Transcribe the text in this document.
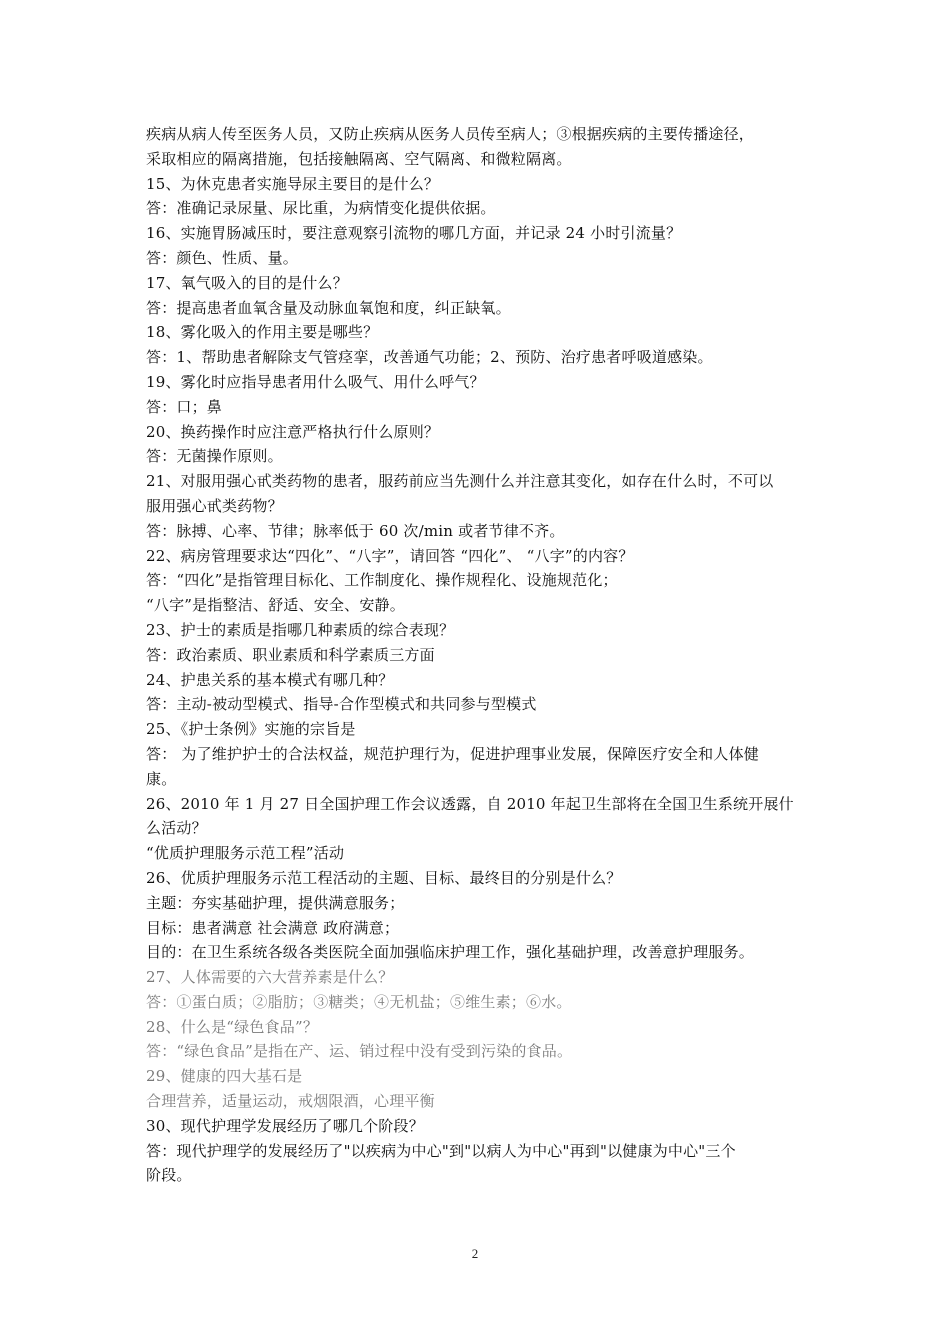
疾病从病人传至医务人员，又防止疾病从医务人员传至病人；③根据疾病的主要传播途径，
采取相应的隔离措施，包括接触隔离、空气隔离、和微粒隔离。
15、为休克患者实施导尿主要目的是什么？
答：准确记录尿量、尿比重，为病情变化提供依据。
16、实施胃肠减压时，要注意观察引流物的哪几方面，并记录 24 小时引流量？
答：颜色、性质、量。
17、氧气吸入的目的是什么？
答：提高患者血氧含量及动脉血氧饱和度，纠正缺氧。
18、雾化吸入的作用主要是哪些？
答：1、帮助患者解除支气管痉挛，改善通气功能；2、预防、治疗患者呼吸道感染。
19、雾化时应指导患者用什么吸气、用什么呼气？
答：口；鼻
20、换药操作时应注意严格执行什么原则？
答：无菌操作原则。
21、对服用强心甙类药物的患者，服药前应当先测什么并注意其变化，如存在什么时，不可以
服用强心甙类药物？
答：脉搏、心率、节律；脉率低于 60 次/min 或者节律不齐。
22、病房管理要求达“四化”、“八字”，请回答 “四化”、 “八字”的内容？
答：“四化”是指管理目标化、工作制度化、操作规程化、设施规范化；
“八字”是指整洁、舒适、安全、安静。
23、护士的素质是指哪几种素质的综合表现？
答：政治素质、职业素质和科学素质三方面
24、护患关系的基本模式有哪几种？
答：主动-被动型模式、指导-合作型模式和共同参与型模式
25、《护士条例》实施的宗旨是
答： 为了维护护士的合法权益，规范护理行为，促进护理事业发展，保障医疗安全和人体健
康。
26、2010 年 1 月 27 日全国护理工作会议透露，自 2010 年起卫生部将在全国卫生系统开展什
么活动？
“优质护理服务示范工程”活动
26、优质护理服务示范工程活动的主题、目标、最终目的分别是什么？
主题：夯实基础护理，提供满意服务；
目标：患者满意 社会满意 政府满意；
目的：在卫生系统各级各类医院全面加强临床护理工作，强化基础护理，改善意护理服务。
27、人体需要的六大营养素是什么？
答：①蛋白质；②脂肪；③糖类；④无机盐；⑤维生素；⑥水。
28、什么是“绿色食品”？
答：“绿色食品”是指在产、运、销过程中没有受到污染的食品。
29、健康的四大基石是
合理营养，适量运动，戒烟限酒，心理平衡
30、现代护理学发展经历了哪几个阶段？
答：现代护理学的发展经历了"以疾病为中心"到"以病人为中心"再到"以健康为中心"三个
阶段。
2
